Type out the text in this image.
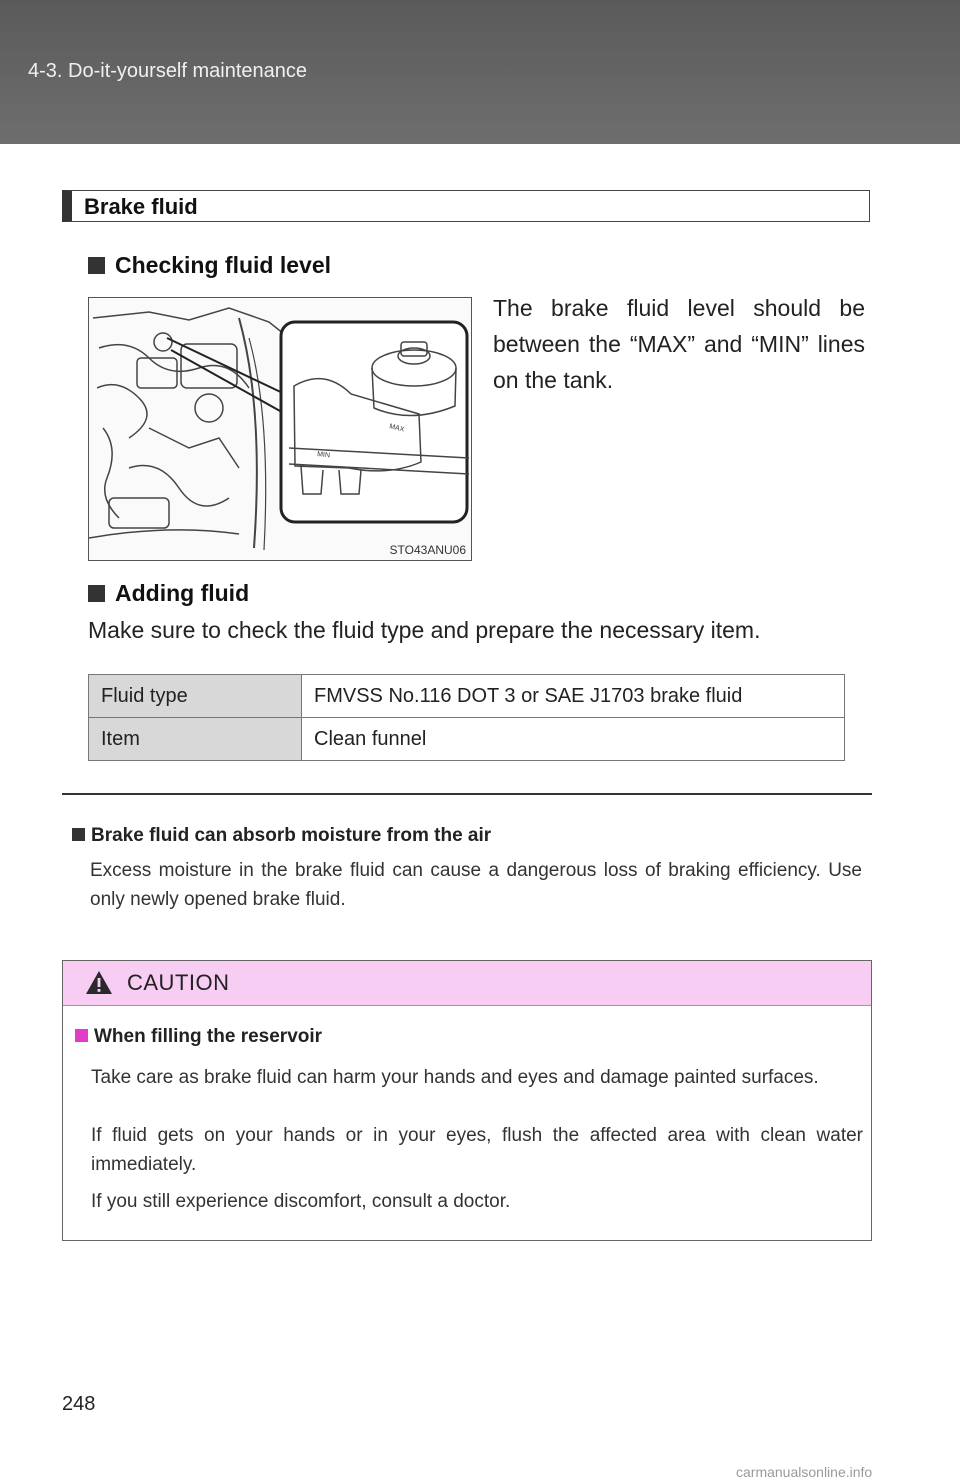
4-3. Do-it-yourself maintenance
Brake fluid
Checking fluid level
MAX
MIN
STO43ANU06
The brake fluid level should be between the “MAX” and “MIN” lines on the tank.
Adding fluid
Make sure to check the fluid type and prepare the necessary item.
Fluid type	FMVSS No.116 DOT 3 or SAE J1703 brake fluid
Item	Clean funnel
Brake fluid can absorb moisture from the air
Excess moisture in the brake fluid can cause a dangerous loss of braking efficiency. Use only newly opened brake fluid.
CAUTION
When filling the reservoir
Take care as brake fluid can harm your hands and eyes and damage painted surfaces.
If fluid gets on your hands or in your eyes, flush the affected area with clean water immediately.
If you still experience discomfort, consult a doctor.
248
carmanualsonline.info
